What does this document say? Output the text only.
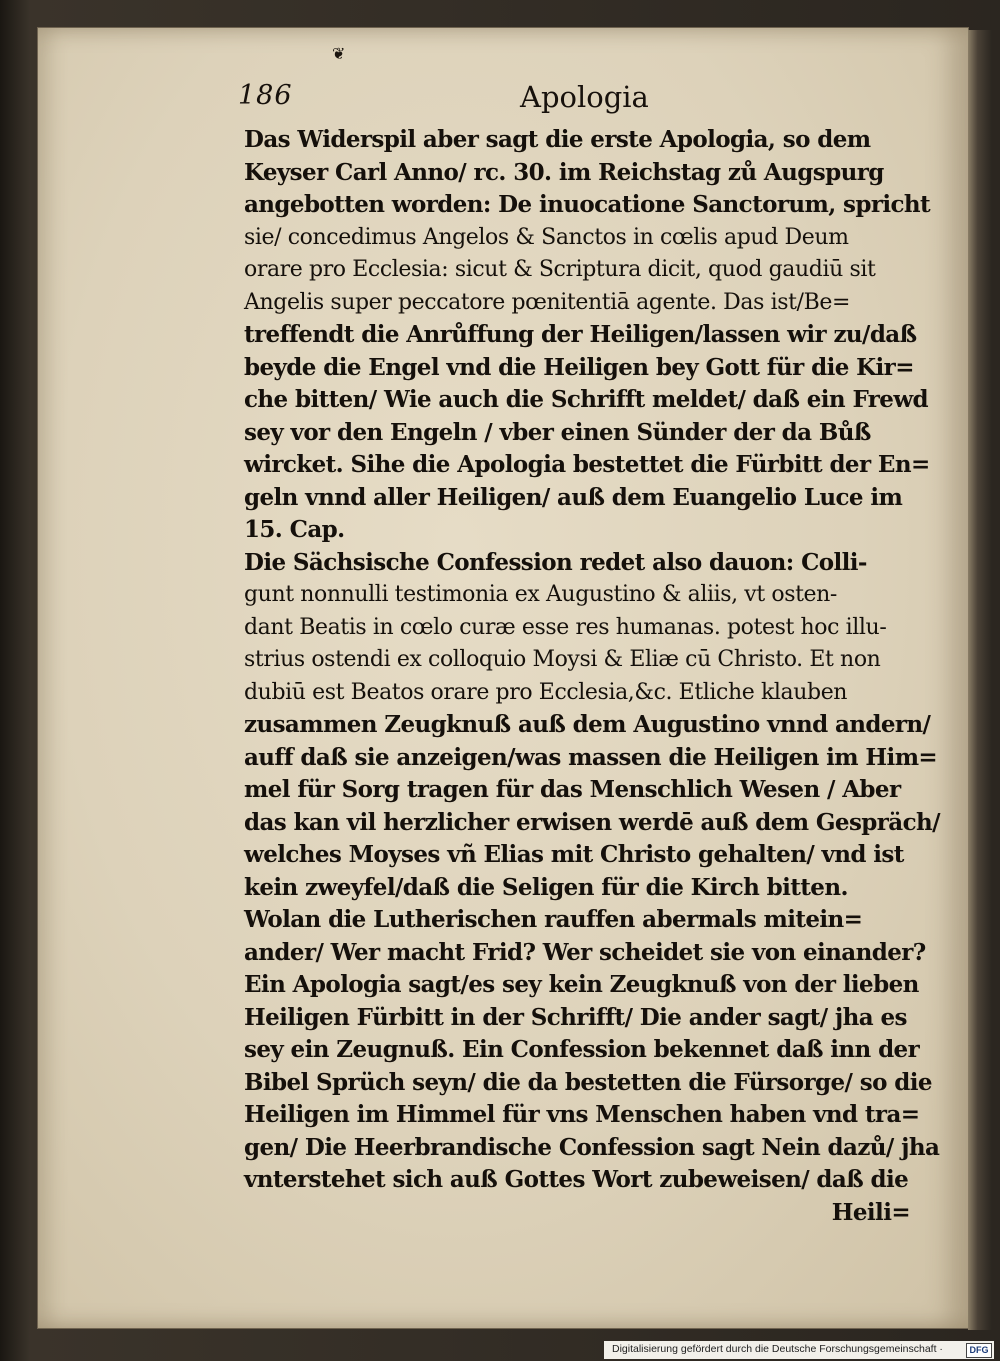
❦
186	Apologia
Das Widerspil aber sagt die erste Apologia, so dem
Keyser Carl Anno/ rc. 30. im Reichstag zů Augspurg
angebotten worden: De inuocatione Sanctorum, spricht
sie/ concedimus Angelos & Sanctos in cœlis apud Deum
orare pro Ecclesia: sicut & Scriptura dicit, quod gaudiū sit
Angelis super peccatore pœnitentiā agente. Das ist/Be=
treffendt die Anrůffung der Heiligen/lassen wir zu/daß
beyde die Engel vnd die Heiligen bey Gott für die Kir=
che bitten/ Wie auch die Schrifft meldet/ daß ein Frewd
sey vor den Engeln / vber einen Sünder der da Bůß
wircket. Sihe die Apologia bestettet die Fürbitt der En=
geln vnnd aller Heiligen/ auß dem Euangelio Luce im
15. Cap.
Die Sächsische Confession redet also dauon: Colli-
gunt nonnulli testimonia ex Augustino & aliis, vt osten-
dant Beatis in cœlo curæ esse res humanas. potest hoc illu-
strius ostendi ex colloquio Moysi & Eliæ cū Christo. Et non
dubiū est Beatos orare pro Ecclesia,&c. Etliche klauben
zusammen Zeugknuß auß dem Augustino vnnd andern/
auff daß sie anzeigen/was massen die Heiligen im Him=
mel für Sorg tragen für das Menschlich Wesen / Aber
das kan vil herzlicher erwisen werdē auß dem Gespräch/
welches Moyses vñ Elias mit Christo gehalten/ vnd ist
kein zweyfel/daß die Seligen für die Kirch bitten.
Wolan die Lutherischen rauffen abermals mitein=
ander/ Wer macht Frid? Wer scheidet sie von einander?
Ein Apologia sagt/es sey kein Zeugknuß von der lieben
Heiligen Fürbitt in der Schrifft/ Die ander sagt/ jha es
sey ein Zeugnuß. Ein Confession bekennet daß inn der
Bibel Sprüch seyn/ die da bestetten die Fürsorge/ so die
Heiligen im Himmel für vns Menschen haben vnd tra=
gen/ Die Heerbrandische Confession sagt Nein dazů/ jha
vnterstehet sich auß Gottes Wort zubeweisen/ daß die
Heili=
Digitalisierung gefördert durch die Deutsche Forschungsgemeinschaft ·	DFG
